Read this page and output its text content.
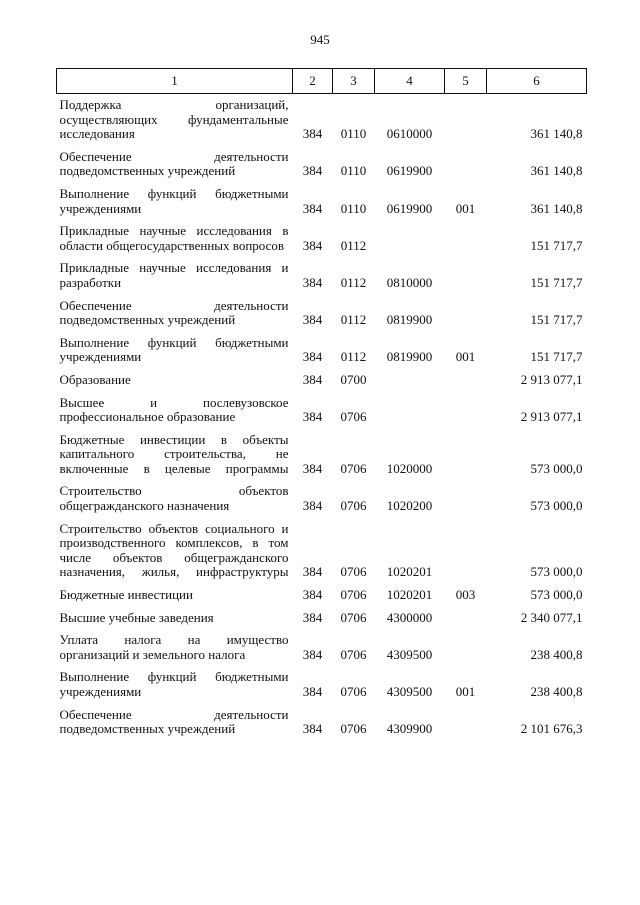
945
1	2	3	4	5	6
Поддержка организаций, осуществляющих фундаментальные исследования	384	0110	0610000		361 140,8

Обеспечение деятельности подведомственных учреждений	384	0110	0619900		361 140,8

Выполнение функций бюджетными учреждениями	384	0110	0619900	001	361 140,8

Прикладные научные исследования в области общегосударственных вопросов	384	0112			151 717,7

Прикладные научные исследования и разработки	384	0112	0810000		151 717,7

Обеспечение деятельности подведомственных учреждений	384	0112	0819900		151 717,7

Выполнение функций бюджетными учреждениями	384	0112	0819900	001	151 717,7

Образование	384	0700			2 913 077,1

Высшее и послевузовское профессиональное образование	384	0706			2 913 077,1

Бюджетные инвестиции в объекты капитального строительства, не включенные в целевые программы	384	0706	1020000		573 000,0

Строительство объектов общегражданского назначения	384	0706	1020200		573 000,0

Строительство объектов социального и производственного комплексов, в том числе объектов общегражданского назначения, жилья, инфраструктуры	384	0706	1020201		573 000,0

Бюджетные инвестиции	384	0706	1020201	003	573 000,0

Высшие учебные заведения	384	0706	4300000		2 340 077,1

Уплата налога на имущество организаций и земельного налога	384	0706	4309500		238 400,8

Выполнение функций бюджетными учреждениями	384	0706	4309500	001	238 400,8

Обеспечение деятельности подведомственных учреждений	384	0706	4309900		2 101 676,3
